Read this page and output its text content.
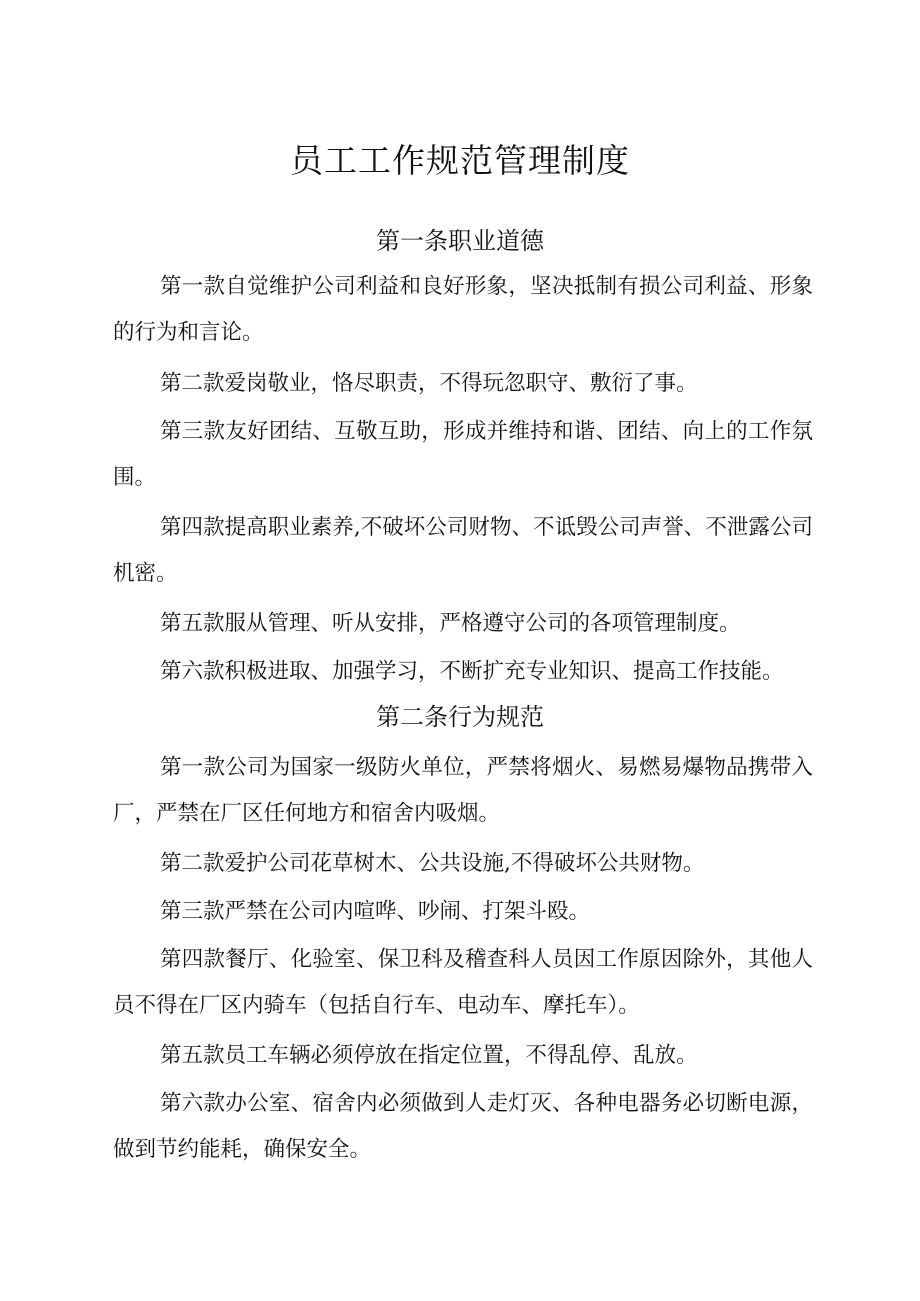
员工工作规范管理制度
第一条职业道德

第一款自觉维护公司利益和良好形象，坚决抵制有损公司利益、形象的行为和言论。

第二款爱岗敬业，恪尽职责，不得玩忽职守、敷衍了事。

第三款友好团结、互敬互助，形成并维持和谐、团结、向上的工作氛围。

第四款提高职业素养,不破坏公司财物、不诋毁公司声誉、不泄露公司机密。

第五款服从管理、听从安排，严格遵守公司的各项管理制度。

第六款积极进取、加强学习，不断扩充专业知识、提高工作技能。

第二条行为规范

第一款公司为国家一级防火单位，严禁将烟火、易燃易爆物品携带入厂，严禁在厂区任何地方和宿舍内吸烟。

第二款爱护公司花草树木、公共设施,不得破坏公共财物。

第三款严禁在公司内喧哗、吵闹、打架斗殴。

第四款餐厅、化验室、保卫科及稽查科人员因工作原因除外，其他人员不得在厂区内骑车（包括自行车、电动车、摩托车）。

第五款员工车辆必须停放在指定位置，不得乱停、乱放。

第六款办公室、宿舍内必须做到人走灯灭、各种电器务必切断电源，做到节约能耗，确保安全。
